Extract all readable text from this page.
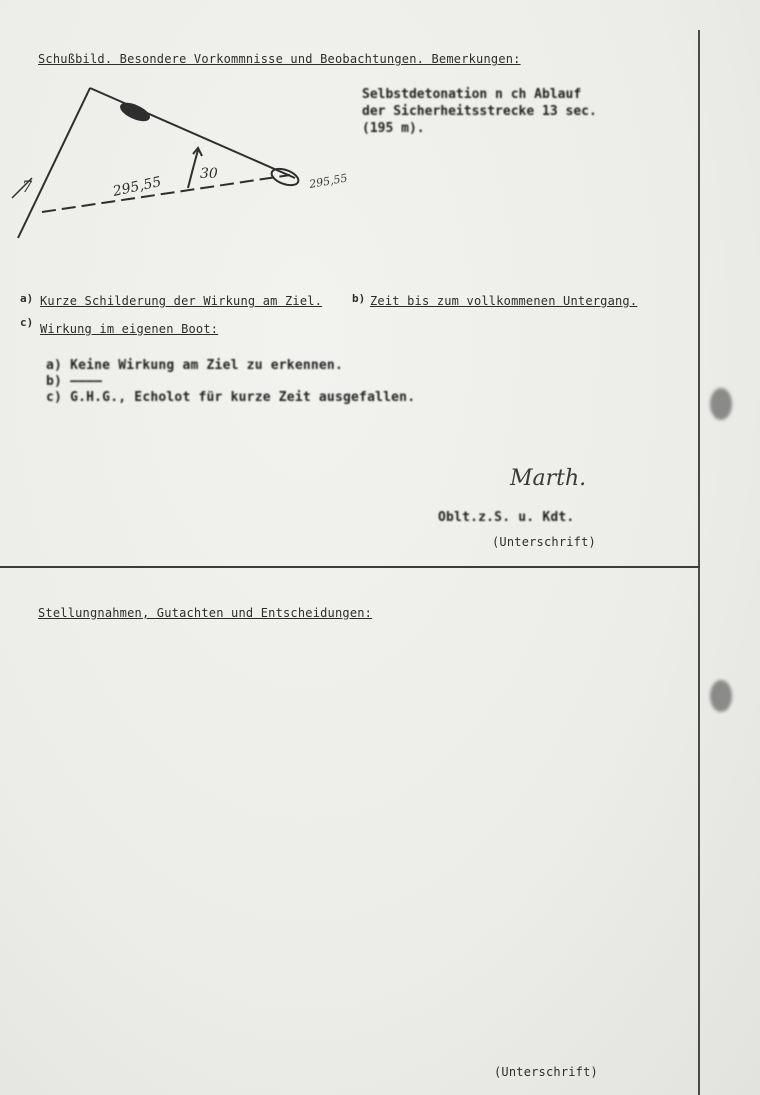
Schußbild. Besondere Vorkommnisse und Beobachtungen. Bemerkungen:
295,55
30	295,55
7
Selbstdetonation n ch Ablauf
der Sicherheitsstrecke 13 sec.
(195 m).
a) Kurze Schilderung der Wirkung am Ziel.	b) Zeit bis zum vollkommenen Untergang.
c) Wirkung im eigenen Boot:
a) Keine Wirkung am Ziel zu erkennen.
b) ————
c) G.H.G., Echolot für kurze Zeit ausgefallen.
Marth.
Oblt.z.S. u. Kdt.
(Unterschrift)
Stellungnahmen, Gutachten und Entscheidungen:
(Unterschrift)
